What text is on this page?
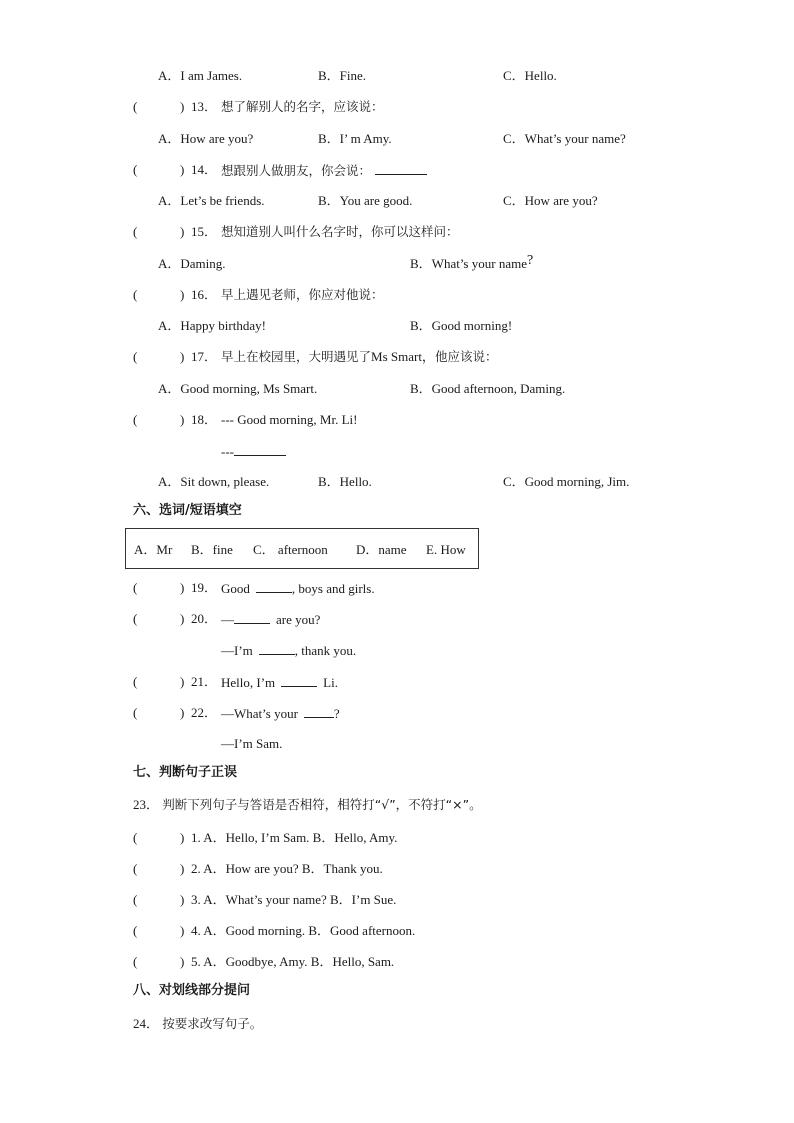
A．I am James.	B．Fine.	C．Hello.
(	) 13． 想了解别人的名字，应该说：
A．How are you?	B．I’ m Amy.	C．What’s your name?
(	) 14． 想跟别人做朋友，你会说：
A．Let’s be friends.	B．You are good.	C．How are you?
(	) 15． 想知道别人叫什么名字时，你可以这样问：
A．Daming.	B．What’s your name?
(	) 16． 早上遇见老师，你应对他说：
A．Happy birthday!	B．Good morning!
(	) 17． 早上在校园里，大明遇见了Ms Smart，他应该说：
A．Good morning, Ms Smart.	B．Good afternoon, Daming.
(	) 18． --- Good morning, Mr. Li!
---
A．Sit down, please.	B．Hello.	C．Good morning, Jim.
六、选词/短语填空
A．Mr B．fine C． afternoon D．name E. How
(	) 19． Good	, boys and girls.
(	) 20． —	are you?
—I’m	, thank you.
(	) 21． Hello, I’m	Li.
(	) 22． —What’s your	?
—I’m Sam.
七、判断句子正误
23． 判断下列句子与答语是否相符，相符打“√”，不符打“×”。
(	) 1. A．Hello, I’m Sam. B．Hello, Amy.
(	) 2. A．How are you? B．Thank you.
(	) 3. A．What’s your name? B．I’m Sue.
(	) 4. A．Good morning. B．Good afternoon.
(	) 5. A．Goodbye, Amy. B．Hello, Sam.
八、对划线部分提问
24． 按要求改写句子。
